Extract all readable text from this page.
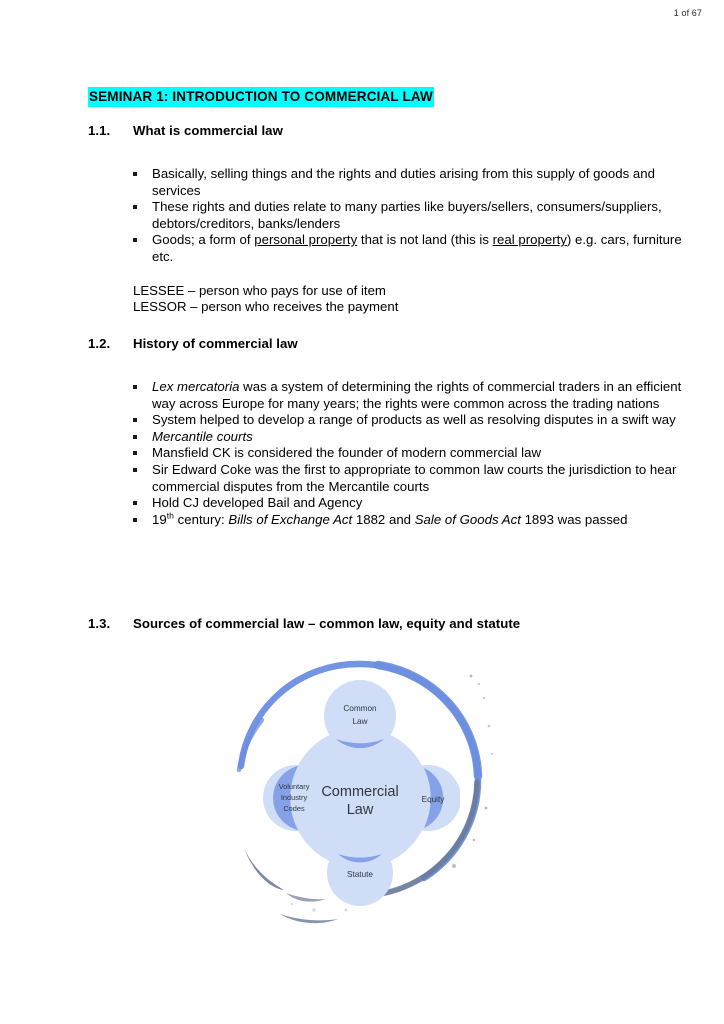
1 of 67
SEMINAR 1: INTRODUCTION TO COMMERCIAL LAW
1.1.	What is commercial law
Basically, selling things and the rights and duties arising from this supply of goods and services
These rights and duties relate to many parties like buyers/sellers, consumers/suppliers, debtors/creditors, banks/lenders
Goods; a form of personal property that is not land (this is real property) e.g. cars, furniture etc.
LESSEE – person who pays for use of item
LESSOR – person who receives the payment
1.2.	History of commercial law
Lex mercatoria was a system of determining the rights of commercial traders in an efficient way across Europe for many years; the rights were common across the trading nations
System helped to develop a range of products as well as resolving disputes in a swift way
Mercantile courts
Mansfield CK is considered the founder of modern commercial law
Sir Edward Coke was the first to appropriate to common law courts the jurisdiction to hear commercial disputes from the Mercantile courts
Hold CJ developed Bail and Agency
19th century: Bills of Exchange Act 1882 and Sale of Goods Act 1893 was passed
1.3.	Sources of commercial law – common law, equity and statute
Common
Law
Voluntary
Industry
Codes
Equity
Statute
Commercial
Law
